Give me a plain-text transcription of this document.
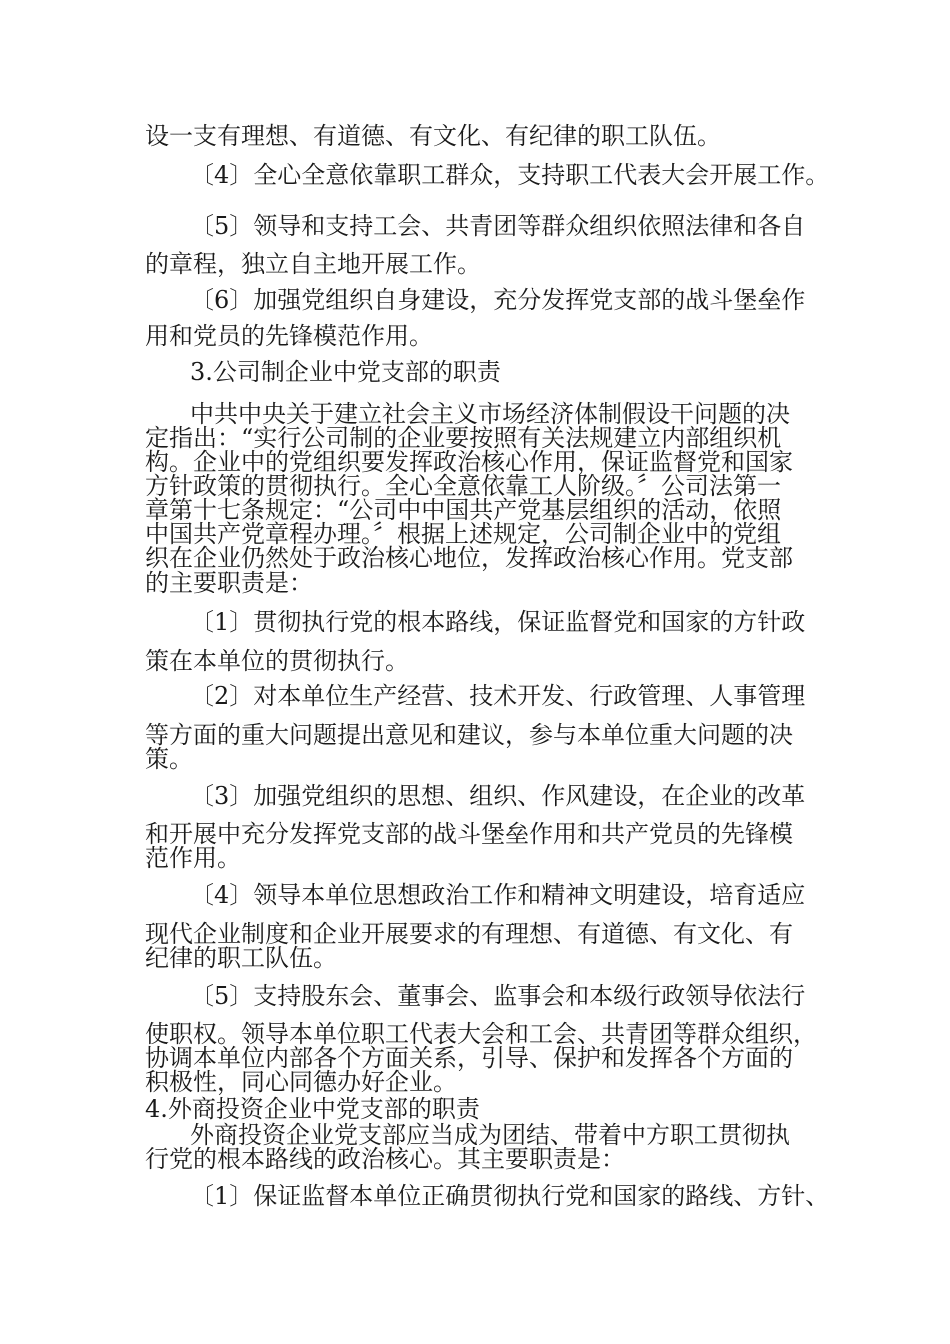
设一支有理想、有道德、有文化、有纪律的职工队伍。

〔4〕全心全意依靠职工群众，支持职工代表大会开展工作。

〔5〕领导和支持工会、共青团等群众组织依照法律和各自

的章程，独立自主地开展工作。

〔6〕加强党组织自身建设，充分发挥党支部的战斗堡垒作

用和党员的先锋模范作用。

3.公司制企业中党支部的职责

中共中央关于建立社会主义市场经济体制假设干问题的决

定指出：“实行公司制的企业要按照有关法规建立内部组织机

构。企业中的党组织要发挥政治核心作用，保证监督党和国家

方针政策的贯彻执行。全心全意依靠工人阶级。〞公司法第一

章第十七条规定：“公司中中国共产党基层组织的活动，依照

中国共产党章程办理。〞根据上述规定，公司制企业中的党组

织在企业仍然处于政治核心地位，发挥政治核心作用。党支部

的主要职责是：

〔1〕贯彻执行党的根本路线，保证监督党和国家的方针政

策在本单位的贯彻执行。

〔2〕对本单位生产经营、技术开发、行政管理、人事管理

等方面的重大问题提出意见和建议，参与本单位重大问题的决

策。

〔3〕加强党组织的思想、组织、作风建设，在企业的改革

和开展中充分发挥党支部的战斗堡垒作用和共产党员的先锋模

范作用。

〔4〕领导本单位思想政治工作和精神文明建设，培育适应

现代企业制度和企业开展要求的有理想、有道德、有文化、有

纪律的职工队伍。

〔5〕支持股东会、董事会、监事会和本级行政领导依法行

使职权。领导本单位职工代表大会和工会、共青团等群众组织，

协调本单位内部各个方面关系，引导、保护和发挥各个方面的

积极性，同心同德办好企业。

4.外商投资企业中党支部的职责

外商投资企业党支部应当成为团结、带着中方职工贯彻执

行党的根本路线的政治核心。其主要职责是：

〔1〕保证监督本单位正确贯彻执行党和国家的路线、方针、
